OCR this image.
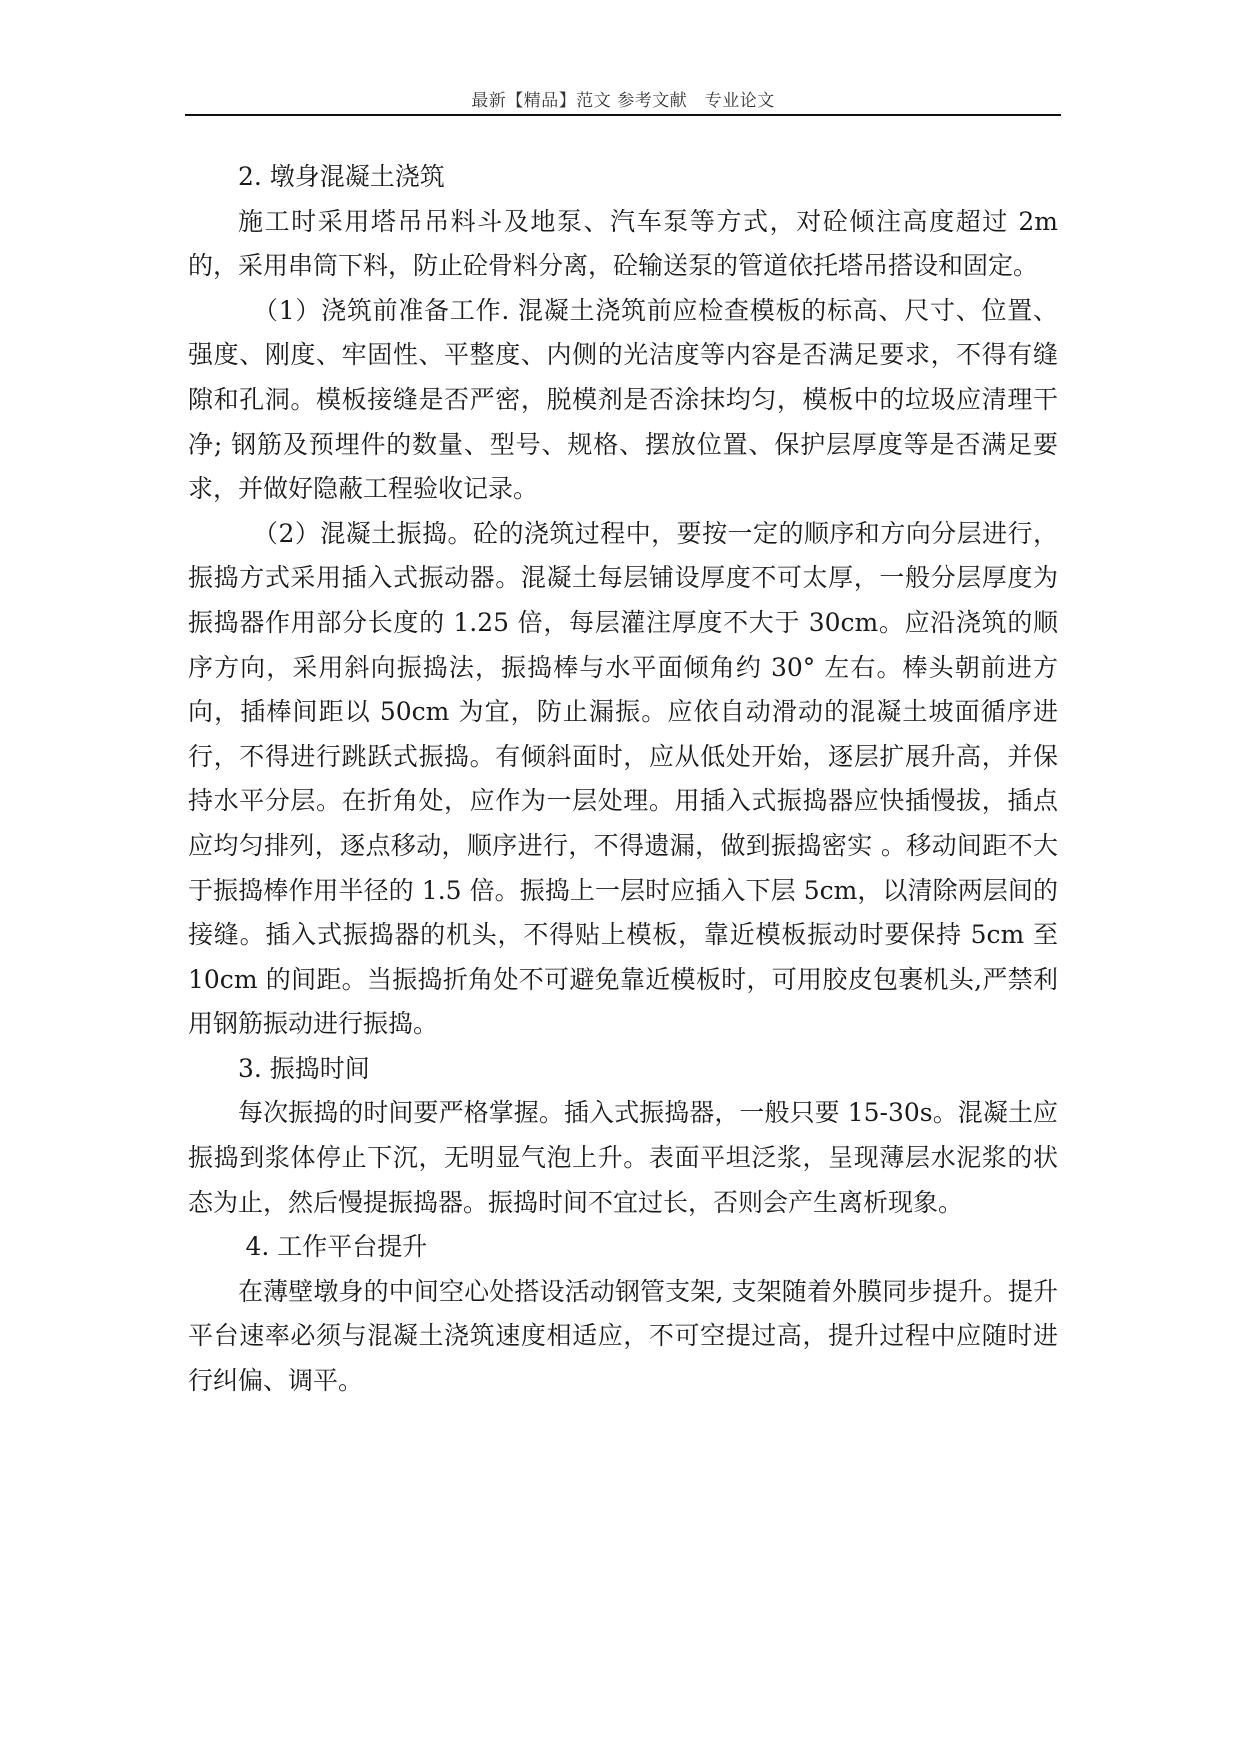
最新【精品】范文 参考文献　专业论文

2. 墩身混凝土浇筑

施工时采用塔吊吊料斗及地泵、汽车泵等方式，对砼倾注高度超过 2m 的，采用串筒下料，防止砼骨料分离，砼输送泵的管道依托塔吊搭设和固定。

（1）浇筑前准备工作. 混凝土浇筑前应检查模板的标高、尺寸、位置、强度、刚度、牢固性、平整度、内侧的光洁度等内容是否满足要求，不得有缝隙和孔洞。模板接缝是否严密，脱模剂是否涂抹均匀，模板中的垃圾应清理干净; 钢筋及预埋件的数量、型号、规格、摆放位置、保护层厚度等是否满足要求，并做好隐蔽工程验收记录。

（2）混凝土振捣。砼的浇筑过程中，要按一定的顺序和方向分层进行，振捣方式采用插入式振动器。混凝土每层铺设厚度不可太厚，一般分层厚度为振捣器作用部分长度的 1.25 倍，每层灌注厚度不大于 30cm。应沿浇筑的顺序方向，采用斜向振捣法，振捣棒与水平面倾角约 30° 左右。棒头朝前进方向，插棒间距以 50cm 为宜，防止漏振。应依自动滑动的混凝土坡面循序进行，不得进行跳跃式振捣。有倾斜面时，应从低处开始，逐层扩展升高，并保持水平分层。在折角处，应作为一层处理。用插入式振捣器应快插慢拔，插点应均匀排列，逐点移动，顺序进行，不得遗漏，做到振捣密实 。移动间距不大于振捣棒作用半径的 1.5 倍。振捣上一层时应插入下层 5cm，以清除两层间的接缝。插入式振捣器的机头，不得贴上模板，靠近模板振动时要保持 5cm 至 10cm 的间距。当振捣折角处不可避免靠近模板时，可用胶皮包裹机头,严禁利用钢筋振动进行振捣。

3. 振捣时间

每次振捣的时间要严格掌握。插入式振捣器，一般只要 15-30s。混凝土应振捣到浆体停止下沉，无明显气泡上升。表面平坦泛浆，呈现薄层水泥浆的状态为止，然后慢提振捣器。振捣时间不宜过长，否则会产生离析现象。

4. 工作平台提升

在薄壁墩身的中间空心处搭设活动钢管支架, 支架随着外膜同步提升。提升平台速率必须与混凝土浇筑速度相适应，不可空提过高，提升过程中应随时进行纠偏、调平。
